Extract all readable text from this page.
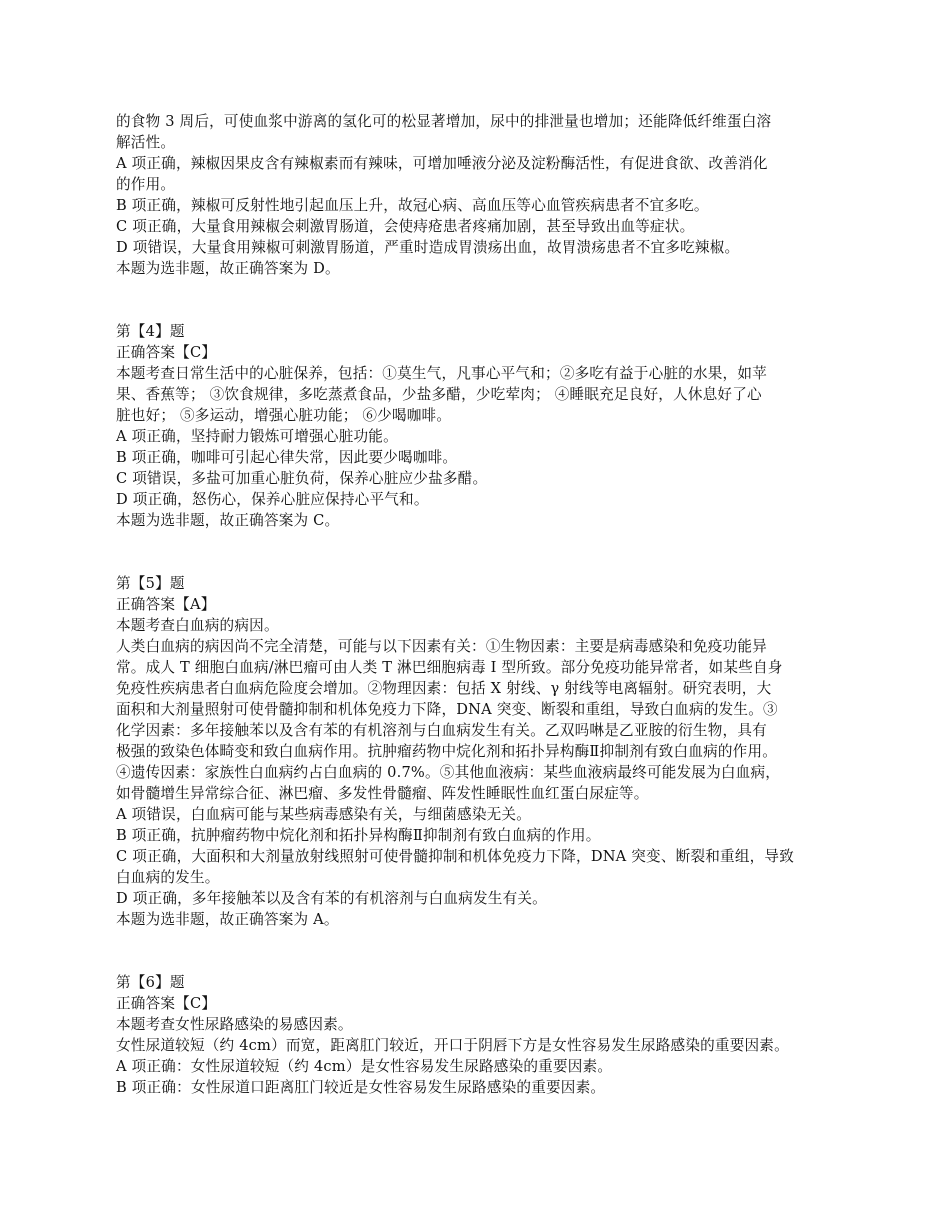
的食物 3 周后，可使血浆中游离的氢化可的松显著增加，尿中的排泄量也增加；还能降低纤维蛋白溶
解活性。
A 项正确，辣椒因果皮含有辣椒素而有辣味，可增加唾液分泌及淀粉酶活性，有促进食欲、改善消化
的作用。
B 项正确，辣椒可反射性地引起血压上升，故冠心病、高血压等心血管疾病患者不宜多吃。
C 项正确，大量食用辣椒会刺激胃肠道，会使痔疮患者疼痛加剧，甚至导致出血等症状。
D 项错误，大量食用辣椒可刺激胃肠道，严重时造成胃溃疡出血，故胃溃疡患者不宜多吃辣椒。
本题为选非题，故正确答案为 D。
第【4】题
正确答案【C】
本题考查日常生活中的心脏保养，包括：①莫生气，凡事心平气和；②多吃有益于心脏的水果，如苹
果、香蕉等； ③饮食规律，多吃蒸煮食品，少盐多醋，少吃荤肉； ④睡眠充足良好，人休息好了心
脏也好； ⑤多运动，增强心脏功能； ⑥少喝咖啡。
A 项正确，坚持耐力锻炼可增强心脏功能。
B 项正确，咖啡可引起心律失常，因此要少喝咖啡。
C 项错误，多盐可加重心脏负荷，保养心脏应少盐多醋。
D 项正确，怒伤心，保养心脏应保持心平气和。
本题为选非题，故正确答案为 C。
第【5】题
正确答案【A】
本题考查白血病的病因。
人类白血病的病因尚不完全清楚，可能与以下因素有关：①生物因素：主要是病毒感染和免疫功能异
常。成人 T 细胞白血病/淋巴瘤可由人类 T 淋巴细胞病毒 I 型所致。部分免疫功能异常者，如某些自身
免疫性疾病患者白血病危险度会增加。②物理因素：包括 X 射线、γ 射线等电离辐射。研究表明，大
面积和大剂量照射可使骨髓抑制和机体免疫力下降，DNA 突变、断裂和重组，导致白血病的发生。③
化学因素：多年接触苯以及含有苯的有机溶剂与白血病发生有关。乙双吗啉是乙亚胺的衍生物，具有
极强的致染色体畸变和致白血病作用。抗肿瘤药物中烷化剂和拓扑异构酶Ⅱ抑制剂有致白血病的作用。
④遗传因素：家族性白血病约占白血病的 0.7%。⑤其他血液病：某些血液病最终可能发展为白血病，
如骨髓增生异常综合征、淋巴瘤、多发性骨髓瘤、阵发性睡眠性血红蛋白尿症等。
A 项错误，白血病可能与某些病毒感染有关，与细菌感染无关。
B 项正确，抗肿瘤药物中烷化剂和拓扑异构酶Ⅱ抑制剂有致白血病的作用。
C 项正确，大面积和大剂量放射线照射可使骨髓抑制和机体免疫力下降，DNA 突变、断裂和重组，导致
白血病的发生。
D 项正确，多年接触苯以及含有苯的有机溶剂与白血病发生有关。
本题为选非题，故正确答案为 A。
第【6】题
正确答案【C】
本题考查女性尿路感染的易感因素。
女性尿道较短（约 4cm）而宽，距离肛门较近，开口于阴唇下方是女性容易发生尿路感染的重要因素。
A 项正确：女性尿道较短（约 4cm）是女性容易发生尿路感染的重要因素。
B 项正确：女性尿道口距离肛门较近是女性容易发生尿路感染的重要因素。
